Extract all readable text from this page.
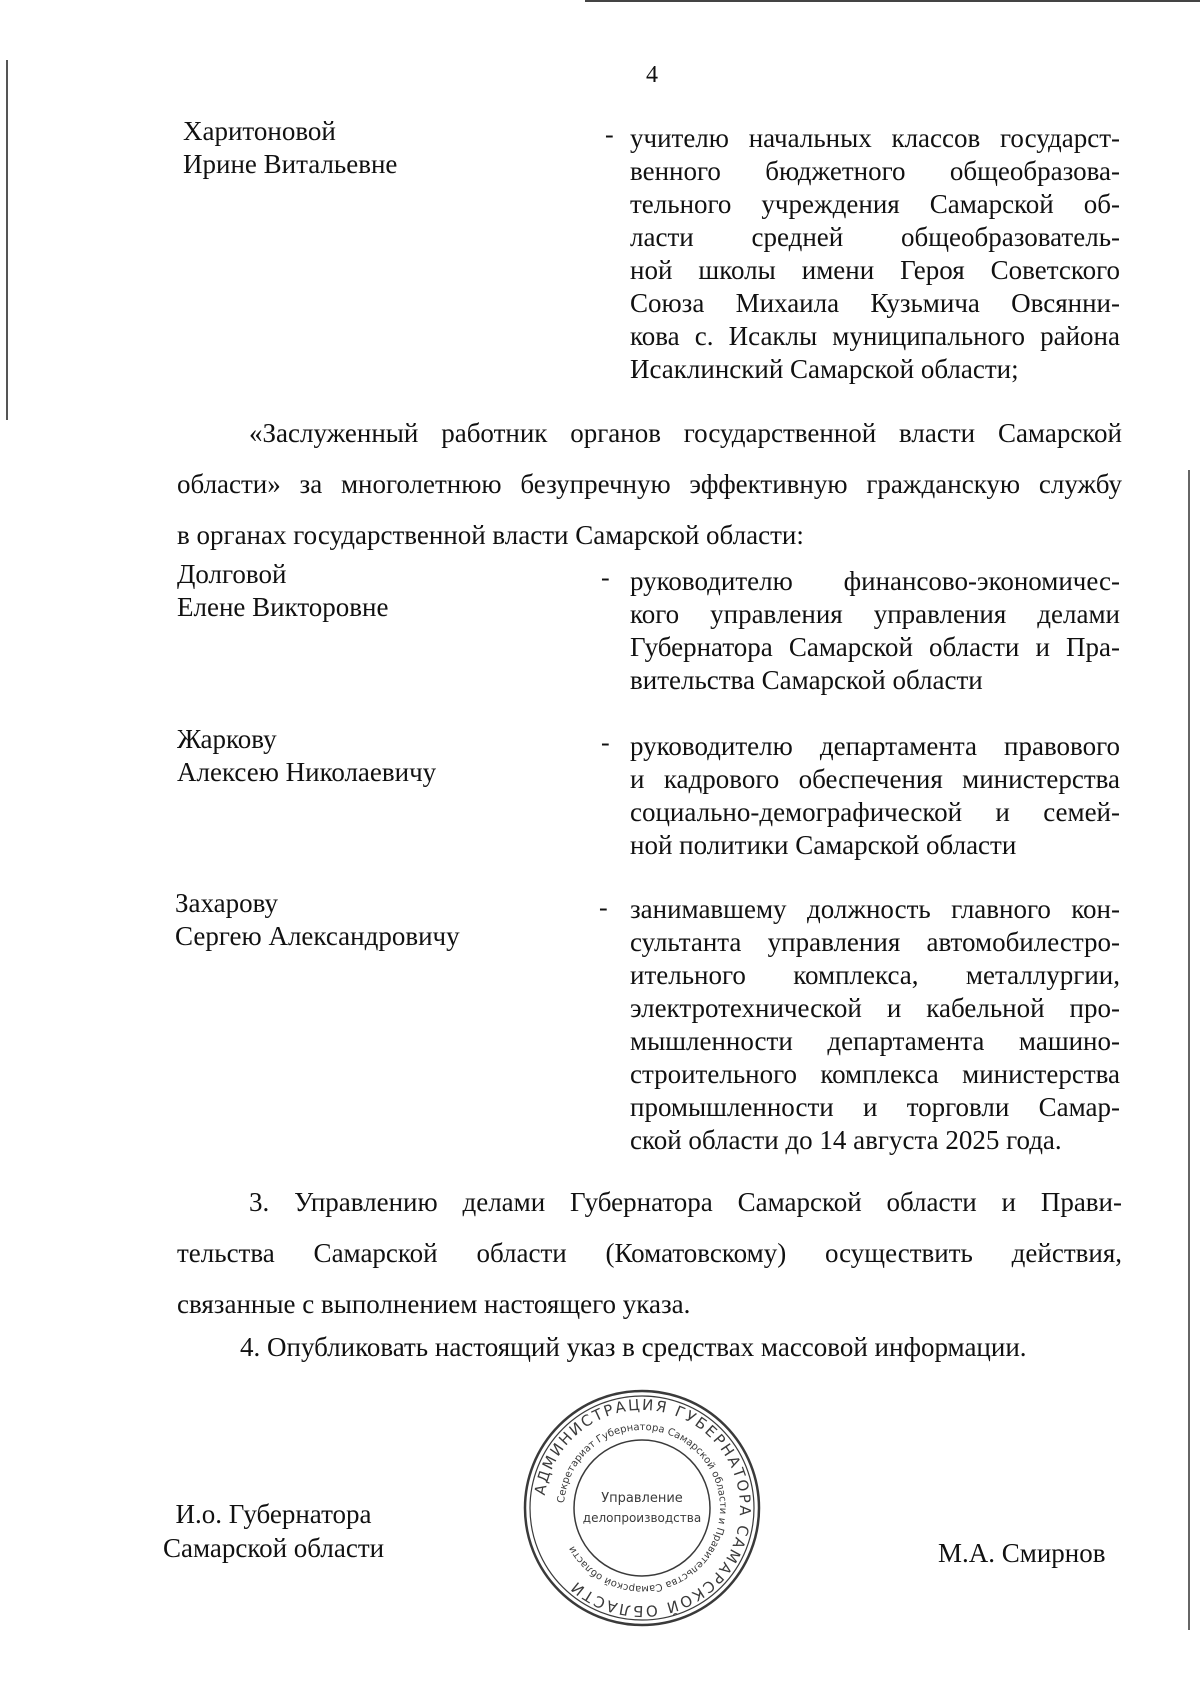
4
Харитоновой
Ирине Витальевне
- учителю начальных классов государст-
венного бюджетного общеобразова-
тельного учреждения Самарской об-
ласти средней общеобразователь-
ной школы имени Героя Советского
Союза Михаила Кузьмича Овсянни-
кова с. Исаклы муниципального района
Исаклинский Самарской области;
«Заслуженный работник органов государственной власти Самарской
области» за многолетнюю безупречную эффективную гражданскую службу
в органах государственной власти Самарской области:
Долговой
Елене Викторовне
- руководителю финансово-экономичес-
кого управления управления делами
Губернатора Самарской области и Пра-
вительства Самарской области
Жаркову
Алексею Николаевичу
- руководителю департамента правового
и кадрового обеспечения министерства
социально-демографической и семей-
ной политики Самарской области
Захарову
Сергею Александровичу
- занимавшему должность главного кон-
сультанта управления автомобилестро-
ительного комплекса, металлургии,
электротехнической и кабельной про-
мышленности департамента машино-
строительного комплекса министерства
промышленности и торговли Самар-
ской области до 14 августа 2025 года.
3. Управлению делами Губернатора Самарской области и Прави-
тельства Самарской области (Коматовскому) осуществить действия,
связанные с выполнением настоящего указа.
4. Опубликовать настоящий указ в средствах массовой информации.
АДМИНИСТРАЦИЯ ГУБЕРНАТОРА САМАРСКОЙ ОБЛАСТИ
Секретариат Губернатора Самарской области и Правительства Самарской области
Управление
делопроизводства
И.о. Губернатора
Самарской области	М.А. Смирнов
